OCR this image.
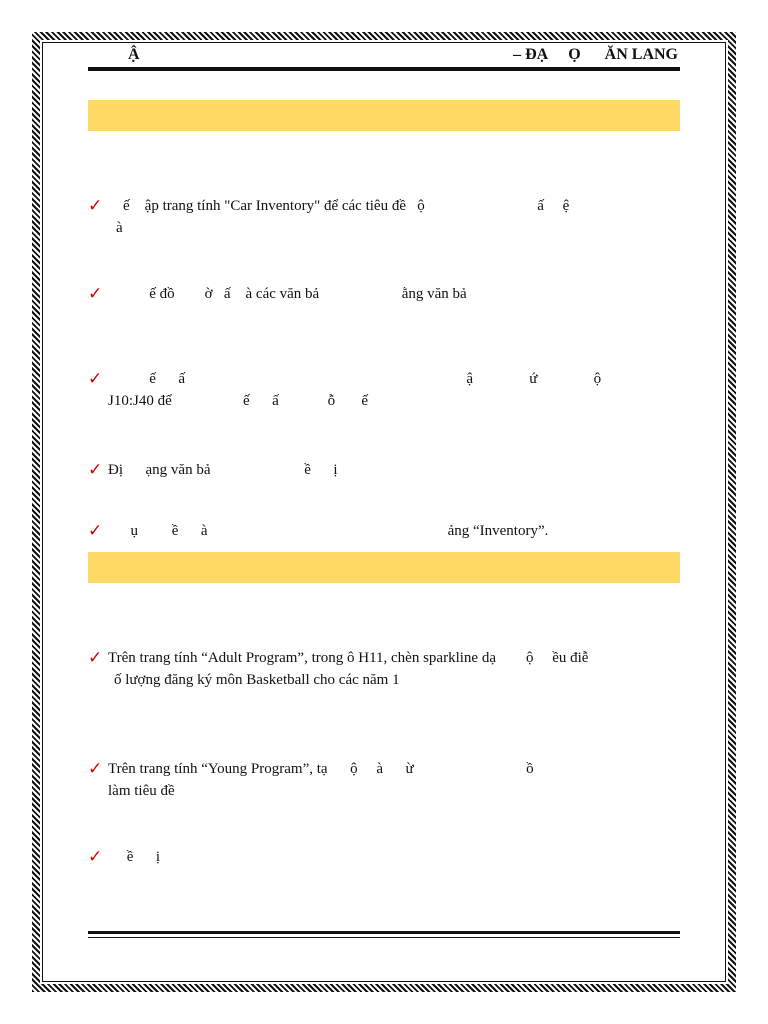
Ậ	– ĐẠ     Ọ      ĂN LANG
✓ ế    ập trang tính "Car Inventory" để các tiêu đề   ộ                              ấ     ệ
à
✓ ế đồ        ờ   ấ    à các văn bả                      ằng văn bả
✓ ế      ấ                                                                           ậ               ứ               ộ
J10:J40 để                   ế      ấ             ỗ       ế
✓ Đị      ạng văn bả                         ề      ị
✓ ụ         ề      à                                                                ảng “Inventory”.
✓ Trên trang tính “Adult Program”, trong ô H11, chèn sparkline dạ        ộ     ều điễ
ố lượng đăng ký môn Basketball cho các năm 1
✓ Trên trang tính “Young Program”, tạ      ộ     à      ừ                              ồ
làm tiêu đề
✓ ề      ị
